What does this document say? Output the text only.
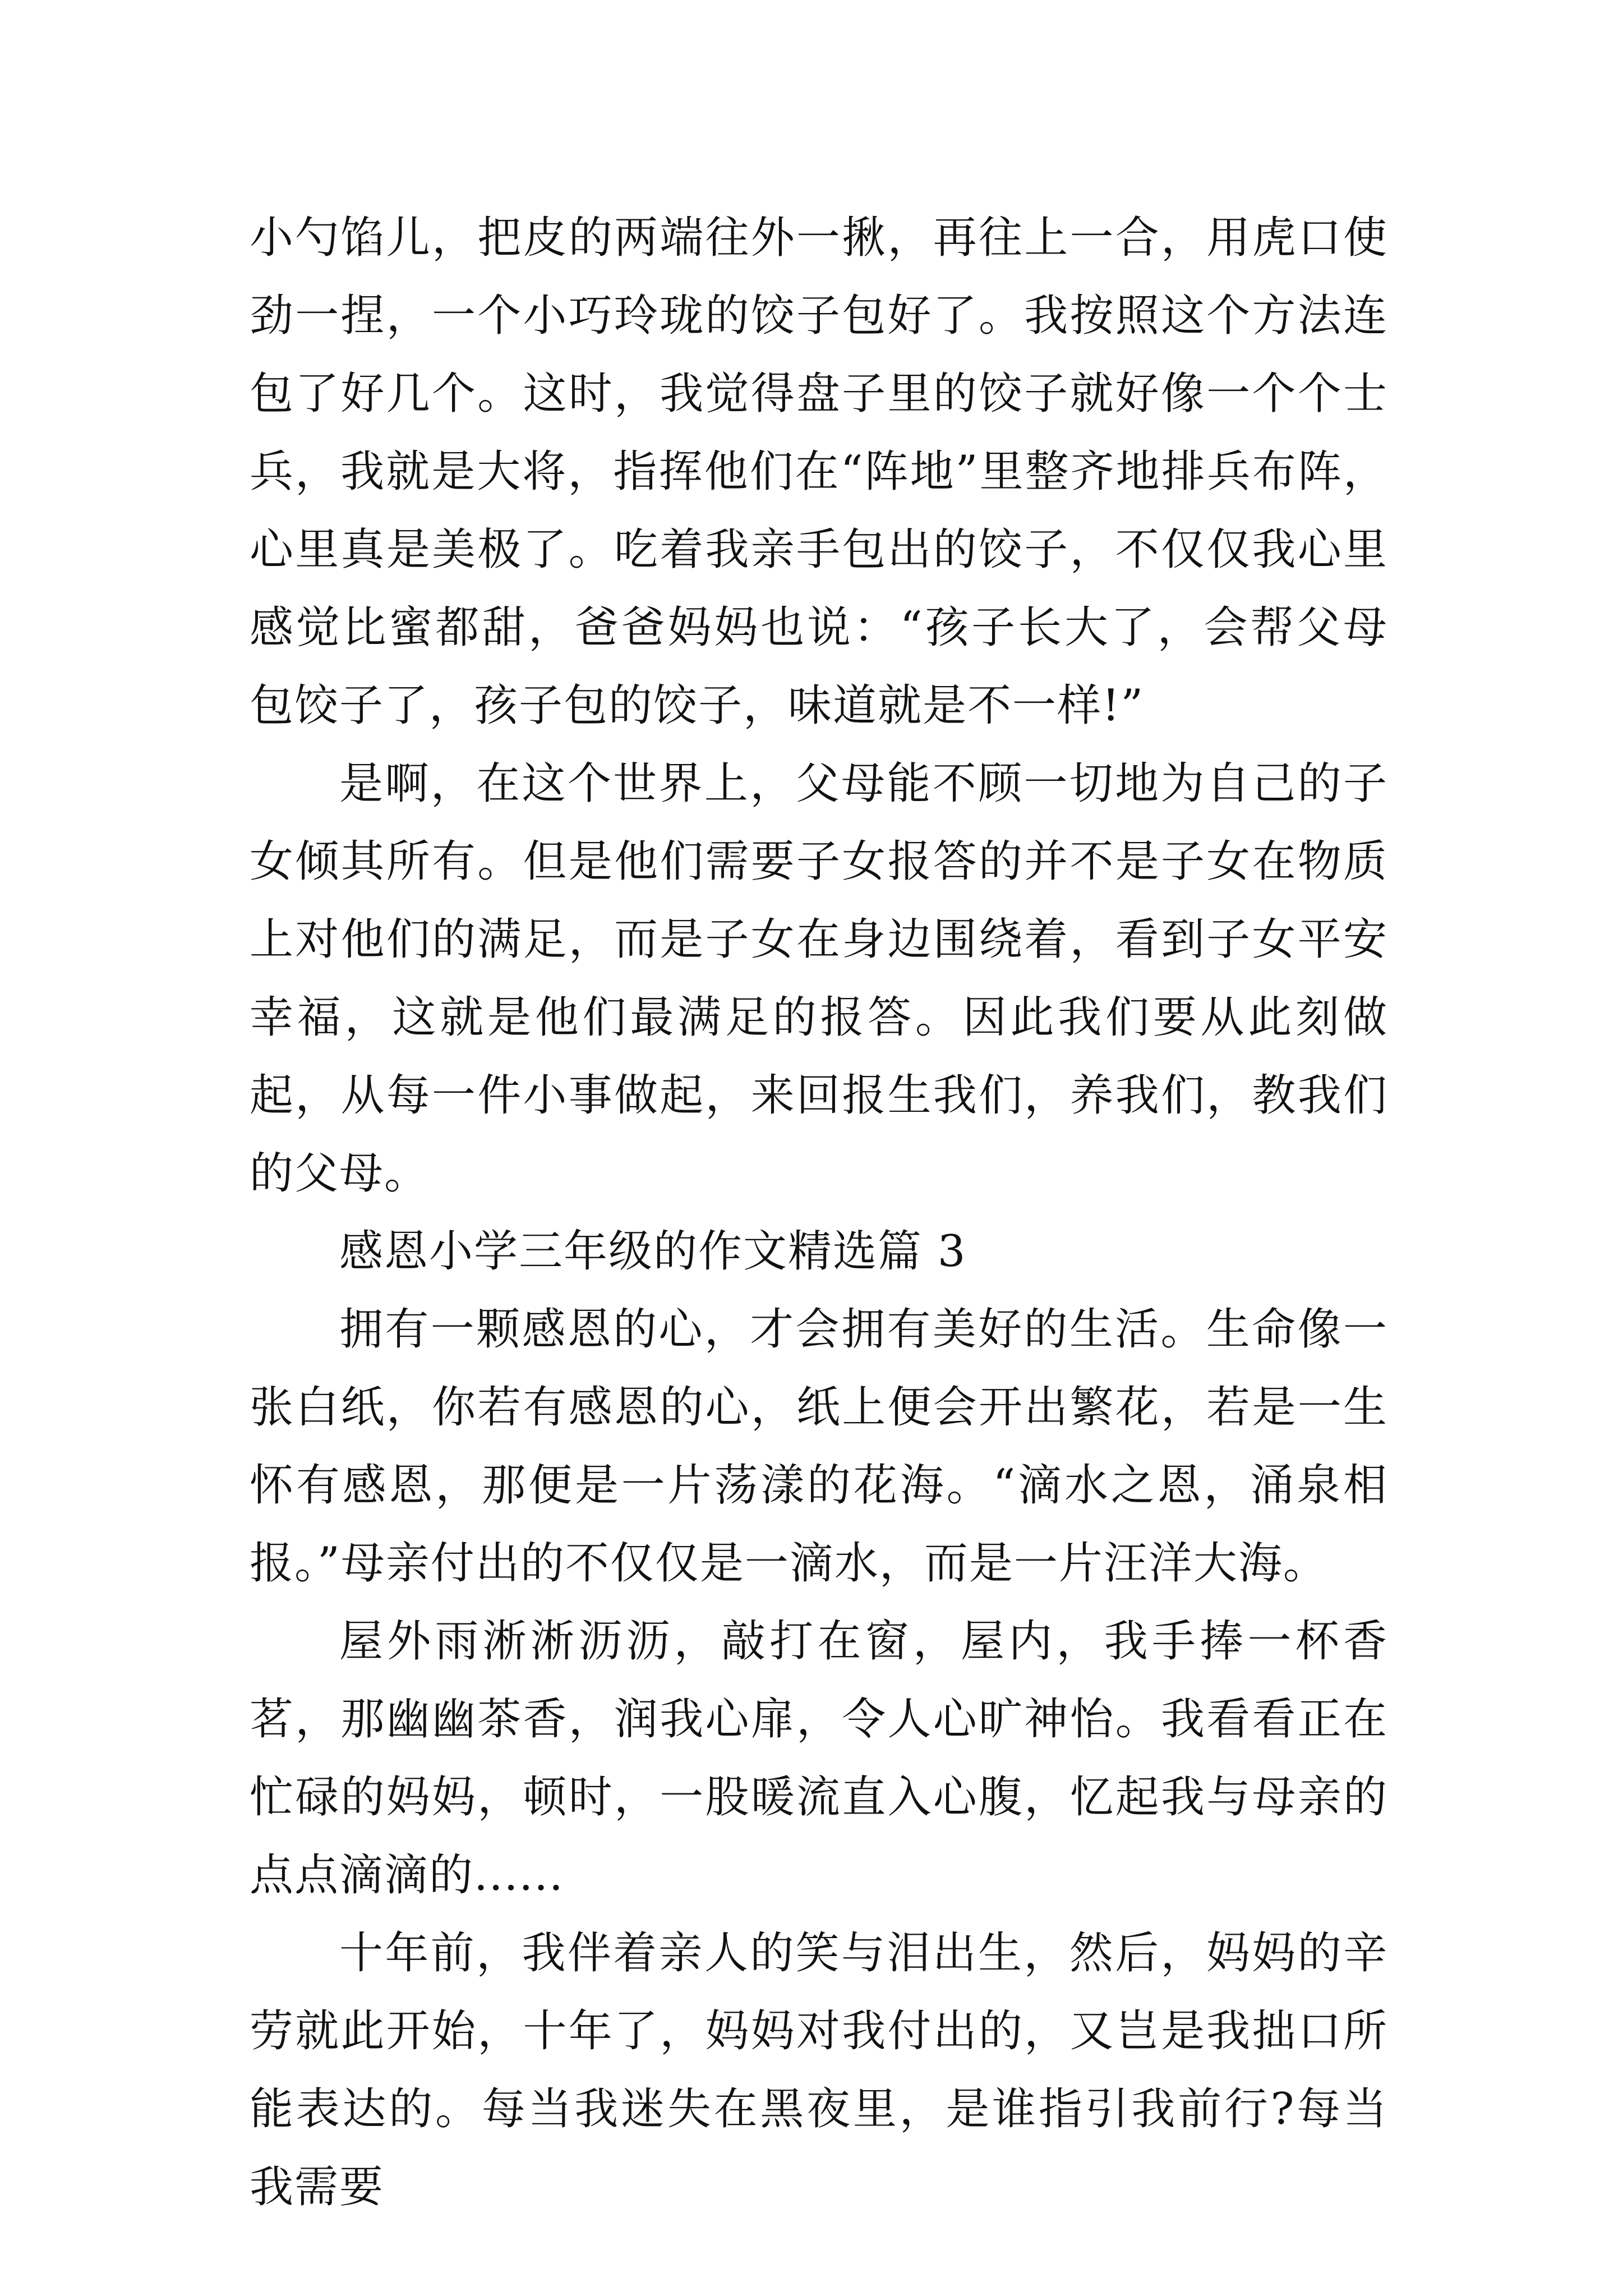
小勺馅儿，把皮的两端往外一揪，再往上一合，用虎口使劲一捏，一个小巧玲珑的饺子包好了。我按照这个方法连包了好几个。这时，我觉得盘子里的饺子就好像一个个士兵，我就是大将，指挥他们在“阵地”里整齐地排兵布阵，心里真是美极了。吃着我亲手包出的饺子，不仅仅我心里感觉比蜜都甜，爸爸妈妈也说：“孩子长大了，会帮父母包饺子了，孩子包的饺子，味道就是不一样!”

是啊，在这个世界上，父母能不顾一切地为自己的子女倾其所有。但是他们需要子女报答的并不是子女在物质上对他们的满足，而是子女在身边围绕着，看到子女平安幸福，这就是他们最满足的报答。因此我们要从此刻做起，从每一件小事做起，来回报生我们，养我们，教我们的父母。

感恩小学三年级的作文精选篇 3

拥有一颗感恩的心，才会拥有美好的生活。生命像一张白纸，你若有感恩的心，纸上便会开出繁花，若是一生怀有感恩，那便是一片荡漾的花海。“滴水之恩，涌泉相报。”母亲付出的不仅仅是一滴水，而是一片汪洋大海。

屋外雨淅淅沥沥，敲打在窗，屋内，我手捧一杯香茗，那幽幽茶香，润我心扉，令人心旷神怡。我看看正在忙碌的妈妈，顿时，一股暖流直入心腹，忆起我与母亲的点点滴滴的......

十年前，我伴着亲人的笑与泪出生，然后，妈妈的辛劳就此开始，十年了，妈妈对我付出的，又岂是我拙口所能表达的。每当我迷失在黑夜里，是谁指引我前行?每当我需要
